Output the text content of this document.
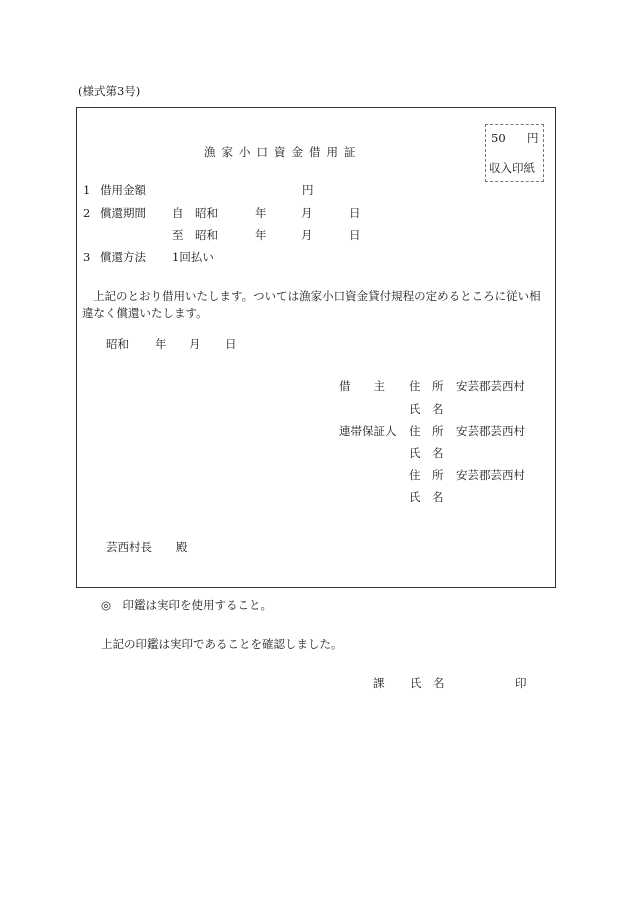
(様式第3号)
50 円
収入印紙
漁家小口資金借用証
1 借用金額	円
2 償還期間 自 昭和	年	月	日
至 昭和	年	月	日
3 償還方法 1回払い
上記のとおり借用いたします。ついては漁家小口資金貸付規程の定めるところに従い相違なく償還いたします。
昭和 年 月 日
借　　主 住　所 安芸郡芸西村
氏　名
連帯保証人 住　所 安芸郡芸西村
氏　名
住　所 安芸郡芸西村
氏　名
芸西村長 殿
◎　印鑑は実印を使用すること。
上記の印鑑は実印であることを確認しました。
課 氏　名	印
